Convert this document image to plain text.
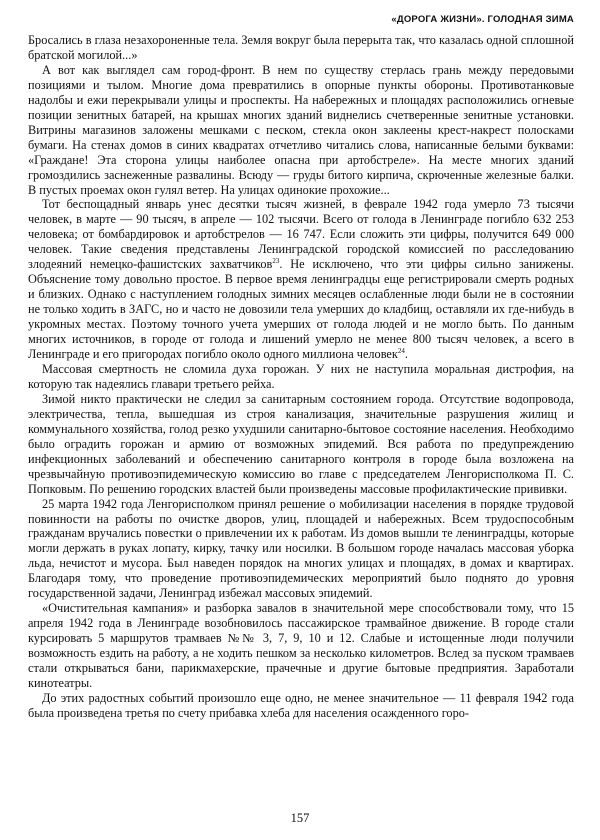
«ДОРОГА ЖИЗНИ». ГОЛОДНАЯ ЗИМА

Бросались в глаза незахороненные тела. Земля вокруг была перерыта так, что казалась одной сплошной братской могилой...»

А вот как выглядел сам город-фронт. В нем по существу стерлась грань между передовыми позициями и тылом. Многие дома превратились в опорные пункты обороны. Противотанковые надолбы и ежи перекрывали улицы и проспекты. На набережных и площадях расположились огневые позиции зенитных батарей, на крышах многих зданий виднелись счетверенные зенитные установки. Витрины магазинов заложены мешками с песком, стекла окон заклеены крест-накрест полосками бумаги. На стенах домов в синих квадратах отчетливо читались слова, написанные белыми буквами: «Граждане! Эта сторона улицы наиболее опасна при артобстреле». На месте многих зданий громоздились заснеженные развалины. Всюду — груды битого кирпича, скрюченные железные балки. В пустых проемах окон гулял ветер. На улицах одинокие прохожие...

Тот беспощадный январь унес десятки тысяч жизней, в феврале 1942 года умерло 73 тысячи человек, в марте — 90 тысяч, в апреле — 102 тысячи. Всего от голода в Ленинграде погибло 632 253 человека; от бомбардировок и артобстрелов — 16 747. Если сложить эти цифры, получится 649 000 человек. Такие сведения представлены Ленинградской городской комиссией по расследованию злодеяний немецко-фашистских захватчиков$^{23}$. Не исключено, что эти цифры сильно занижены. Объяснение тому довольно простое. В первое время ленинградцы еще регистрировали смерть родных и близких. Однако с наступлением голодных зимних месяцев ослабленные люди были не в состоянии не только ходить в ЗАГС, но и часто не довозили тела умерших до кладбищ, оставляли их где-нибудь в укромных местах. Поэтому точного учета умерших от голода людей и не могло быть. По данным многих источников, в городе от голода и лишений умерло не менее 800 тысяч человек, а всего в Ленинграде и его пригородах погибло около одного миллиона человек$^{24}$.

Массовая смертность не сломила духа горожан. У них не наступила моральная дистрофия, на которую так надеялись главари третьего рейха.

Зимой никто практически не следил за санитарным состоянием города. Отсутствие водопровода, электричества, тепла, вышедшая из строя канализация, значительные разрушения жилищ и коммунального хозяйства, голод резко ухудшили санитарно-бытовое состояние населения. Необходимо было оградить горожан и армию от возможных эпидемий. Вся работа по предупреждению инфекционных заболеваний и обеспечению санитарного контроля в городе была возложена на чрезвычайную противоэпидемическую комиссию во главе с председателем Ленгорисполкома П. С. Попковым. По решению городских властей были произведены массовые профилактические прививки.

25 марта 1942 года Ленгорисполком принял решение о мобилизации населения в порядке трудовой повинности на работы по очистке дворов, улиц, площадей и набережных. Всем трудоспособным гражданам вручались повестки о привлечении их к работам. Из домов вышли те ленинградцы, которые могли держать в руках лопату, кирку, тачку или носилки. В большом городе началась массовая уборка льда, нечистот и мусора. Был наведен порядок на многих улицах и площадях, в домах и квартирах. Благодаря тому, что проведение противоэпидемических мероприятий было поднято до уровня государственной задачи, Ленинград избежал массовых эпидемий.

«Очистительная кампания» и разборка завалов в значительной мере способствовали тому, что 15 апреля 1942 года в Ленинграде возобновилось пассажирское трамвайное движение. В городе стали курсировать 5 маршрутов трамваев №№ 3, 7, 9, 10 и 12. Слабые и истощенные люди получили возможность ездить на работу, а не ходить пешком за несколько километров. Вслед за пуском трамваев стали открываться бани, парикмахерские, прачечные и другие бытовые предприятия. Заработали кинотеатры.

До этих радостных событий произошло еще одно, не менее значительное — 11 февраля 1942 года была произведена третья по счету прибавка хлеба для населения осажденного горо-

157
